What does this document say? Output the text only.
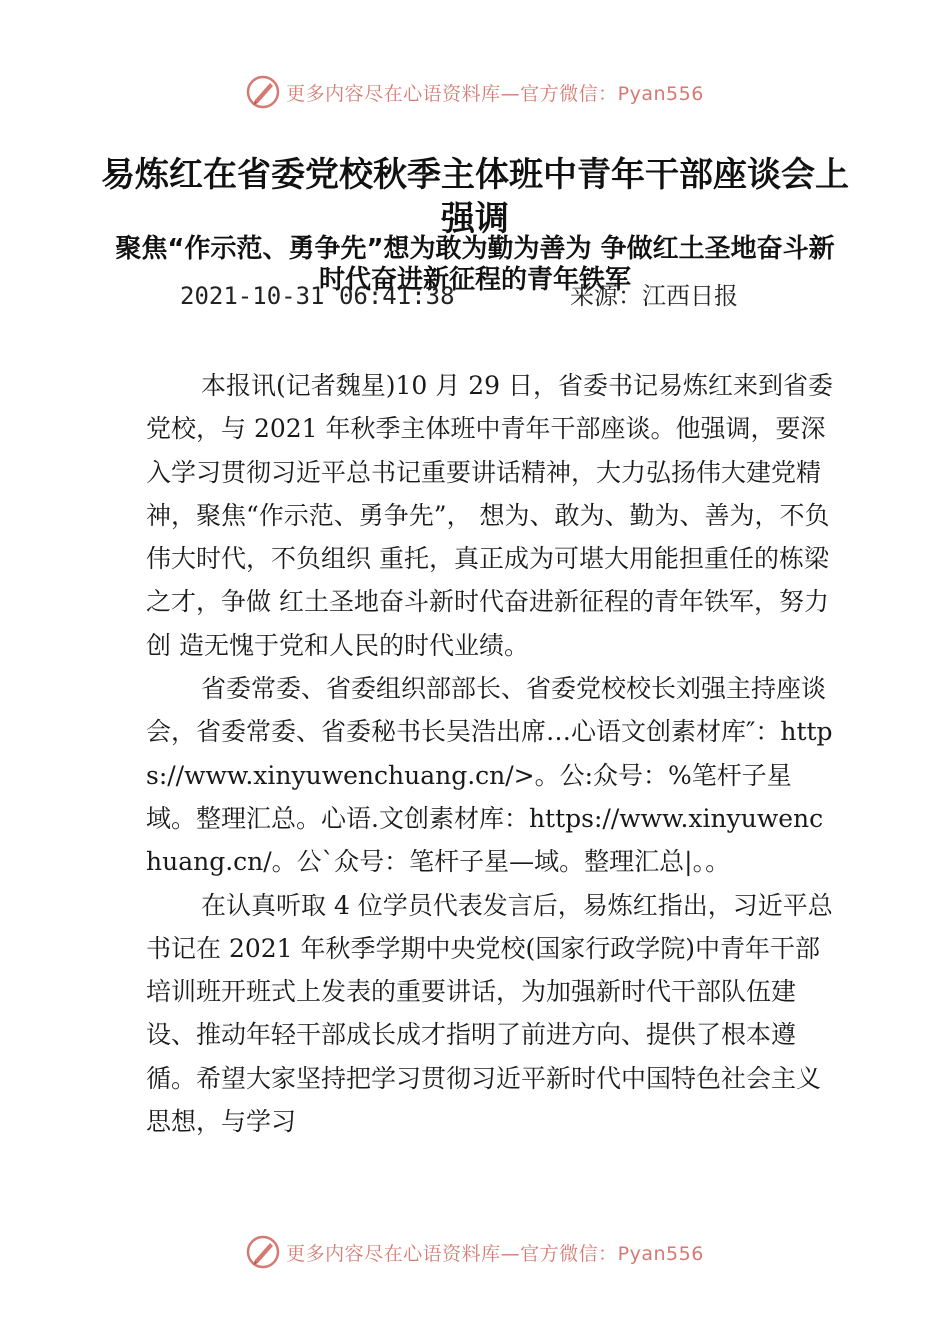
更多内容尽在心语资料库—官方微信：Pyan556
易炼红在省委党校秋季主体班中青年干部座谈会上强调
聚焦“作示范、勇争先”想为敢为勤为善为 争做红土圣地奋斗新时代奋进新征程的青年铁军
2021-10-31 06:41:38	来源：江西日报

本报讯(记者魏星)10 月 29 日，省委书记易炼红来到省委党校，与 2021 年秋季主体班中青年干部座谈。他强调，要深入学习贯彻习近平总书记重要讲话精神，大力弘扬伟大建党精神，聚焦“作示范、勇争先”， 想为、敢为、勤为、善为，不负伟大时代，不负组织 重托，真正成为可堪大用能担重任的栋梁之才，争做 红土圣地奋斗新时代奋进新征程的青年铁军，努力创 造无愧于党和人民的时代业绩。

省委常委、省委组织部部长、省委党校校长刘强主持座谈会，省委常委、省委秘书长吴浩出席…心语文创素材库″：https://www.xinyuwenchuang.cn/>。公:众号：%笔杆子星域。整理汇总。心语.文创素材库：https://www.xinyuwenchuang.cn/。公`众号：笔杆子星—域。整理汇总|。。

在认真听取 4 位学员代表发言后，易炼红指出，习近平总书记在 2021 年秋季学期中央党校(国家行政学院)中青年干部培训班开班式上发表的重要讲话，为加强新时代干部队伍建设、推动年轻干部成长成才指明了前进方向、提供了根本遵循。希望大家坚持把学习贯彻习近平新时代中国特色社会主义思想，与学习

更多内容尽在心语资料库—官方微信：Pyan556
